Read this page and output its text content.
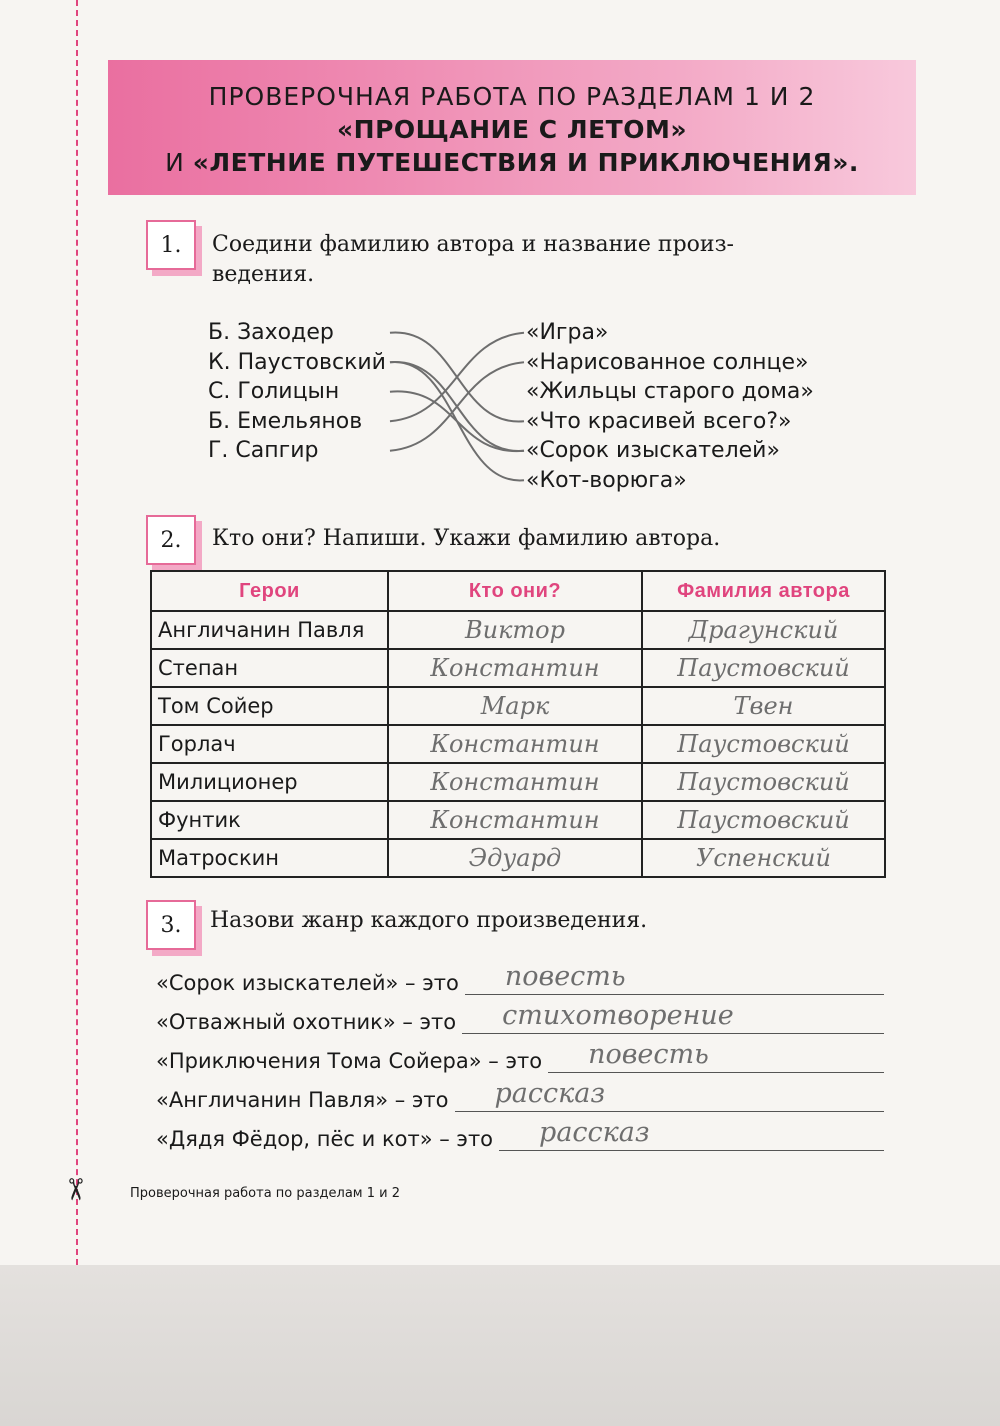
✂
ПРОВЕРОЧНАЯ РАБОТА ПО РАЗДЕЛАМ 1 И 2
«ПРОЩАНИЕ С ЛЕТОМ»
И «ЛЕТНИЕ ПУТЕШЕСТВИЯ И ПРИКЛЮЧЕНИЯ».
1.	Соедини фамилию автора и название произ-
ведения.
Б. Заходер
К. Паустовский
С. Голицын
Б. Емельянов
Г. Сапгир
«Игра»
«Нарисованное солнце»
«Жильцы старого дома»
«Что красивей всего?»
«Сорок изыскателей»
«Кот-ворюга»
2.	Кто они? Напиши. Укажи фамилию автора.
Герои	Кто они?	Фамилия автора
Англичанин Павля	Виктор	Драгунский
Степан	Константин	Паустовский
Том Сойер	Марк	Твен
Горлач	Константин	Паустовский
Милиционер	Константин	Паустовский
Фунтик	Константин	Паустовский
Матроскин	Эдуард	Успенский
3.	Назови жанр каждого произведения.
«Сорок изыскателей» – это повесть
«Отважный охотник» – это стихотворение
«Приключения Тома Сойера» – это повесть
«Англичанин Павля» – это рассказ
«Дядя Фёдор, пёс и кот» – это рассказ
Проверочная работа по разделам 1 и 2
